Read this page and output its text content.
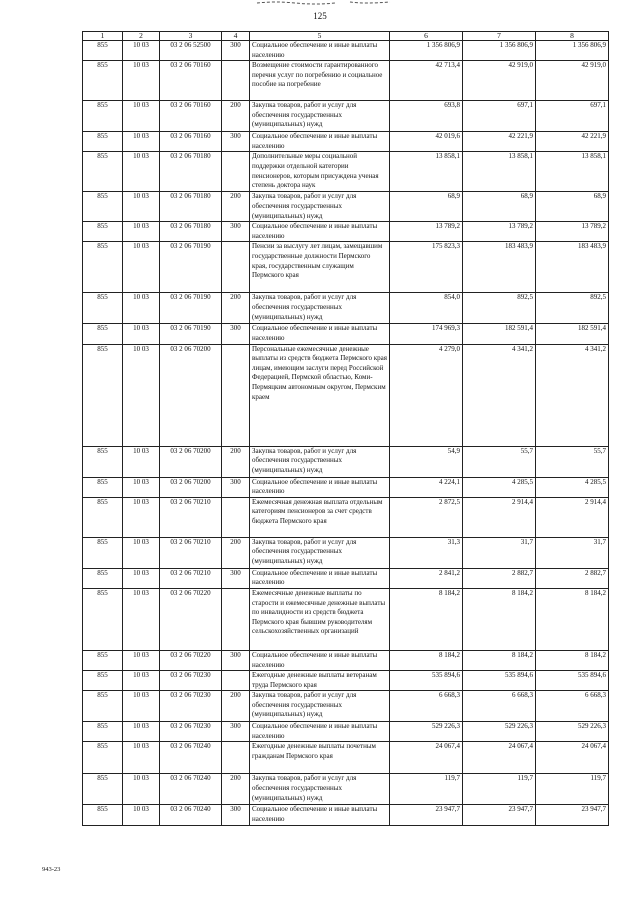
125
1	2	3	4	5	6	7	8
855	10 03	03 2 06 52500	300	Социальное обеспечение и иные выплаты населению	1 356 806,9	1 356 806,9	1 356 806,9
855	10 03	03 2 06 70160		Возмещение стоимости гарантированного перечня услуг по погребению и социальное пособие на погребение	42 713,4	42 919,0	42 919,0
855	10 03	03 2 06 70160	200	Закупка товаров, работ и услуг для обеспечения государственных (муниципальных) нужд	693,8	697,1	697,1
855	10 03	03 2 06 70160	300	Социальное обеспечение и иные выплаты населению	42 019,6	42 221,9	42 221,9
855	10 03	03 2 06 70180		Дополнительные меры социальной поддержки отдельной категории пенсионеров, которым присуждена ученая степень доктора наук	13 858,1	13 858,1	13 858,1
855	10 03	03 2 06 70180	200	Закупка товаров, работ и услуг для обеспечения государственных (муниципальных) нужд	68,9	68,9	68,9
855	10 03	03 2 06 70180	300	Социальное обеспечение и иные выплаты населению	13 789,2	13 789,2	13 789,2
855	10 03	03 2 06 70190		Пенсии за выслугу лет лицам, замещавшим государственные должности Пермского края, государственным служащим Пермского края	175 823,3	183 483,9	183 483,9
855	10 03	03 2 06 70190	200	Закупка товаров, работ и услуг для обеспечения государственных (муниципальных) нужд	854,0	892,5	892,5
855	10 03	03 2 06 70190	300	Социальное обеспечение и иные выплаты населению	174 969,3	182 591,4	182 591,4
855	10 03	03 2 06 70200		Персональные ежемесячные денежные выплаты из средств бюджета Пермского края лицам, имеющим заслуги перед Российской Федерацией, Пермской областью, Коми-Пермяцким автономным округом, Пермским краем	4 279,0	4 341,2	4 341,2
855	10 03	03 2 06 70200	200	Закупка товаров, работ и услуг для обеспечения государственных (муниципальных) нужд	54,9	55,7	55,7
855	10 03	03 2 06 70200	300	Социальное обеспечение и иные выплаты населению	4 224,1	4 285,5	4 285,5
855	10 03	03 2 06 70210		Ежемесячная денежная выплата отдельным категориям пенсионеров за счет средств бюджета Пермского края	2 872,5	2 914,4	2 914,4
855	10 03	03 2 06 70210	200	Закупка товаров, работ и услуг для обеспечения государственных (муниципальных) нужд	31,3	31,7	31,7
855	10 03	03 2 06 70210	300	Социальное обеспечение и иные выплаты населению	2 841,2	2 882,7	2 882,7
855	10 03	03 2 06 70220		Ежемесячные денежные выплаты по старости и ежемесячные денежные выплаты по инвалидности из средств бюджета Пермского края бывшим руководителям сельскохозяйственных организаций	8 184,2	8 184,2	8 184,2
855	10 03	03 2 06 70220	300	Социальное обеспечение и иные выплаты населению	8 184,2	8 184,2	8 184,2
855	10 03	03 2 06 70230		Ежегодные денежные выплаты ветеранам труда Пермского края	535 894,6	535 894,6	535 894,6
855	10 03	03 2 06 70230	200	Закупка товаров, работ и услуг для обеспечения государственных (муниципальных) нужд	6 668,3	6 668,3	6 668,3
855	10 03	03 2 06 70230	300	Социальное обеспечение и иные выплаты населению	529 226,3	529 226,3	529 226,3
855	10 03	03 2 06 70240		Ежегодные денежные выплаты почетным гражданам Пермского края	24 067,4	24 067,4	24 067,4
855	10 03	03 2 06 70240	200	Закупка товаров, работ и услуг для обеспечения государственных (муниципальных) нужд	119,7	119,7	119,7
855	10 03	03 2 06 70240	300	Социальное обеспечение и иные выплаты населению	23 947,7	23 947,7	23 947,7
943-23
